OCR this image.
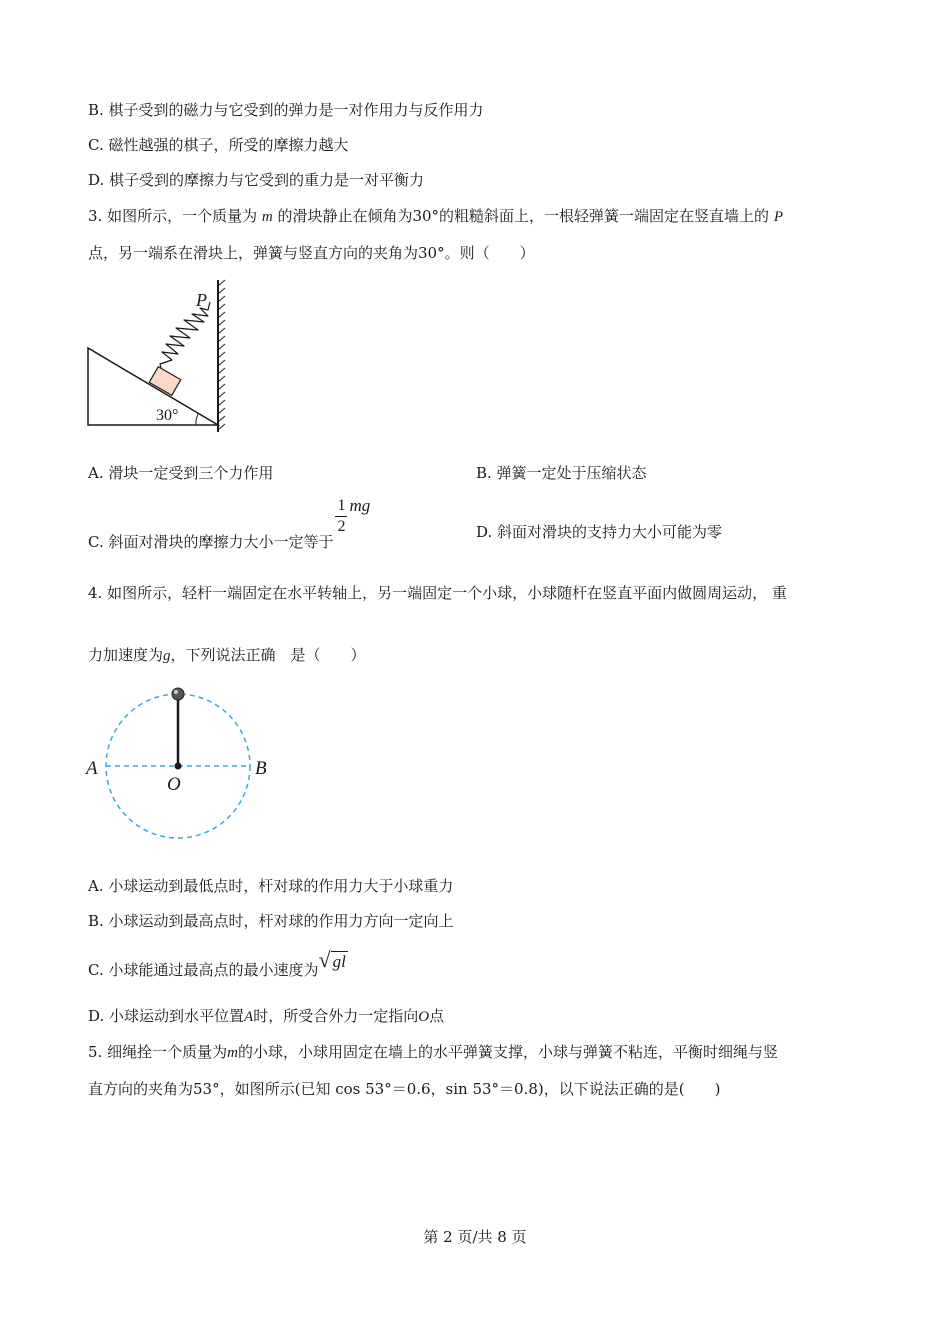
B. 棋子受到的磁力与它受到的弹力是一对作用力与反作用力
C. 磁性越强的棋子，所受的摩擦力越大
D. 棋子受到的摩擦力与它受到的重力是一对平衡力
3. 如图所示，一个质量为 m 的滑块静止在倾角为30°的粗糙斜面上，一根轻弹簧一端固定在竖直墙上的 P
点，另一端系在滑块上，弹簧与竖直方向的夹角为30°。则（　　）
P
30°
A. 滑块一定受到三个力作用	B. 弹簧一定处于压缩状态
C. 斜面对滑块的摩擦力大小一定等于
$\frac{1}{2}$ mg
D. 斜面对滑块的支持力大小可能为零
4. 如图所示，轻杆一端固定在水平转轴上，另一端固定一个小球，小球随杆在竖直平面内做圆周运动， 重
力加速度为g，下列说法正确　是（　　）
A	B
O
A. 小球运动到最低点时，杆对球的作用力大于小球重力
B. 小球运动到最高点时，杆对球的作用力方向一定向上
C. 小球能通过最高点的最小速度为√ gl
D. 小球运动到水平位置A时，所受合外力一定指向O点
5. 细绳拴一个质量为m的小球，小球用固定在墙上的水平弹簧支撑，小球与弹簧不粘连，平衡时细绳与竖
直方向的夹角为53°，如图所示(已知 cos 53°＝0.6，sin 53°＝0.8)，以下说法正确的是(　　)
第 2 页/共 8 页
